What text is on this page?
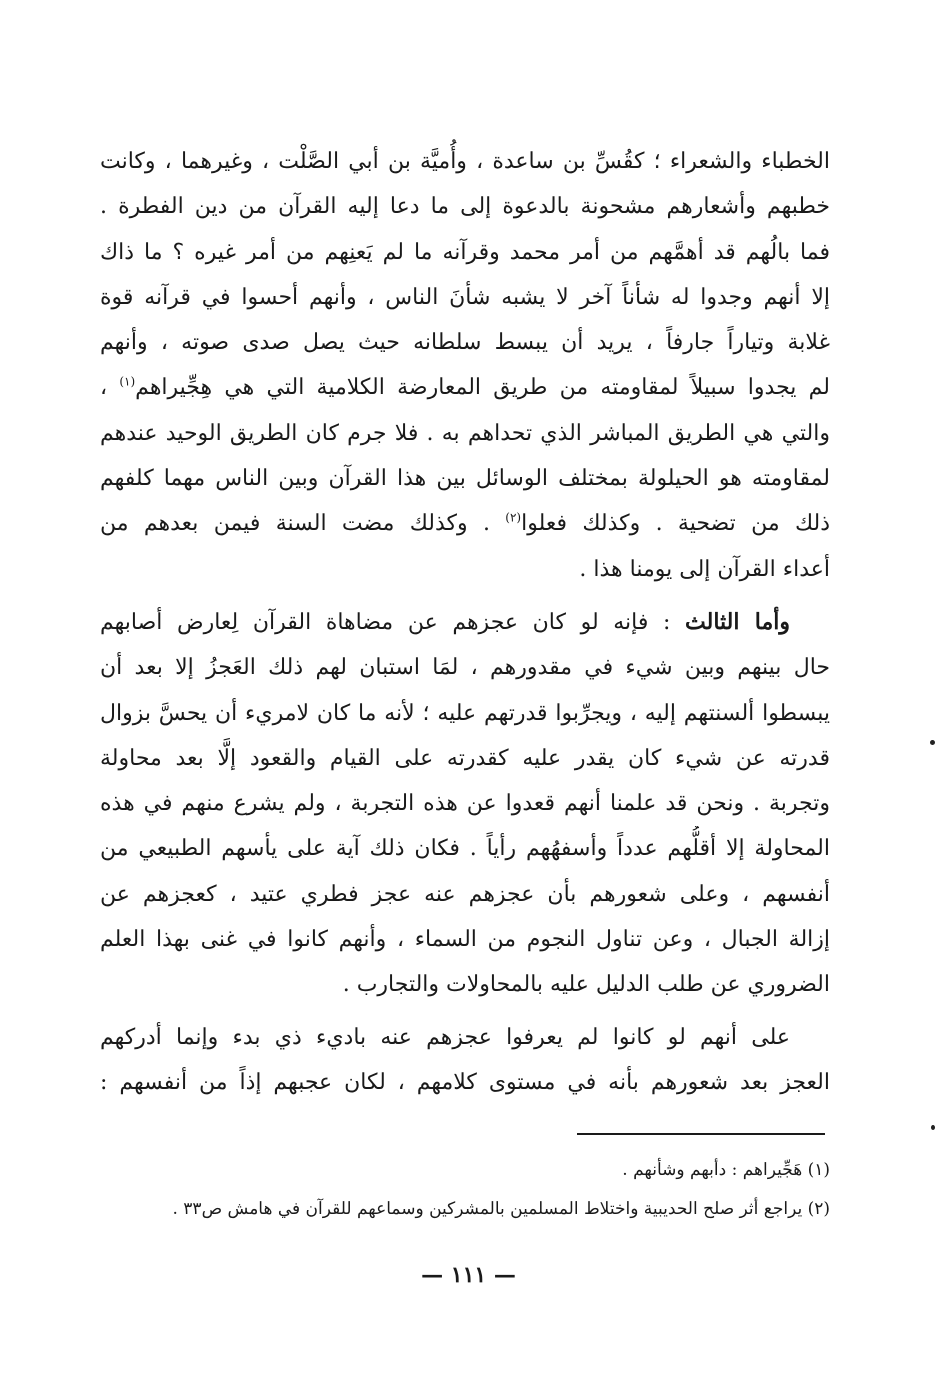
الخطباء والشعراء ؛ كقُسِّ بن ساعدة ، وأُميَّة بن أبي الصَّلْت ، وغيرهما ، وكانت
خطبهم وأشعارهم مشحونة بالدعوة إلى ما دعا إليه القرآن من دين الفطرة .
فما بالُهم قد أهمَّهم من أمر محمد وقرآنه ما لم يَعنِهم من أمر غيره ؟ ما ذاك
إلا أنهم وجدوا له شأناً آخر لا يشبه شأنَ الناس ، وأنهم أحسوا في قرآنه قوة
غلابة وتياراً جارفاً ، يريد أن يبسط سلطانه حيث يصل صدى صوته ، وأنهم
لم يجدوا سبيلاً لمقاومته من طريق المعارضة الكلامية التي هي هِجِّيراهم$^{(١)}$ ،
والتي هي الطريق المباشر الذي تحداهم به . فلا جرم كان الطريق الوحيد عندهم
لمقاومته هو الحيلولة بمختلف الوسائل بين هذا القرآن وبين الناس مهما كلفهم
ذلك من تضحية . وكذلك فعلوا$^{(٢)}$ . وكذلك مضت السنة فيمن بعدهم من
أعداء القرآن إلى يومنا هذا .
وأما الثالث : فإنه لو كان عجزهم عن مضاهاة القرآن لِعارض أصابهم
حال بينهم وبين شيء في مقدورهم ، لمَا استبان لهم ذلك العَجزُ إلا بعد أن
يبسطوا ألسنتهم إليه ، ويجرِّبوا قدرتهم عليه ؛ لأنه ما كان لامريء أن يحسَّ بزوال
قدرته عن شيء كان يقدر عليه كقدرته على القيام والقعود إلَّا بعد محاولة
وتجربة . ونحن قد علمنا أنهم قعدوا عن هذه التجربة ، ولم يشرع منهم في هذه
المحاولة إلا أقلُّهم عدداً وأسفهُهم رأياً . فكان ذلك آية على يأسهم الطبيعي من
أنفسهم ، وعلى شعورهم بأن عجزهم عنه عجز فطري عتيد ، كعجزهم عن
إزالة الجبال ، وعن تناول النجوم من السماء ، وأنهم كانوا في غنى بهذا العلم
الضروري عن طلب الدليل عليه بالمحاولات والتجارب .
على أنهم لو كانوا لم يعرفوا عجزهم عنه باديء ذي بدء وإنما أدركهم
العجز بعد شعورهم بأنه في مستوى كلامهم ، لكان عجبهم إذاً من أنفسهم :
(١) هَجِّيراهم : دأبهم وشأنهم .
(٢) يراجع أثر صلح الحديبية واختلاط المسلمين بالمشركين وسماعهم للقرآن في هامش ص٣٣ .
— ١١١ —
